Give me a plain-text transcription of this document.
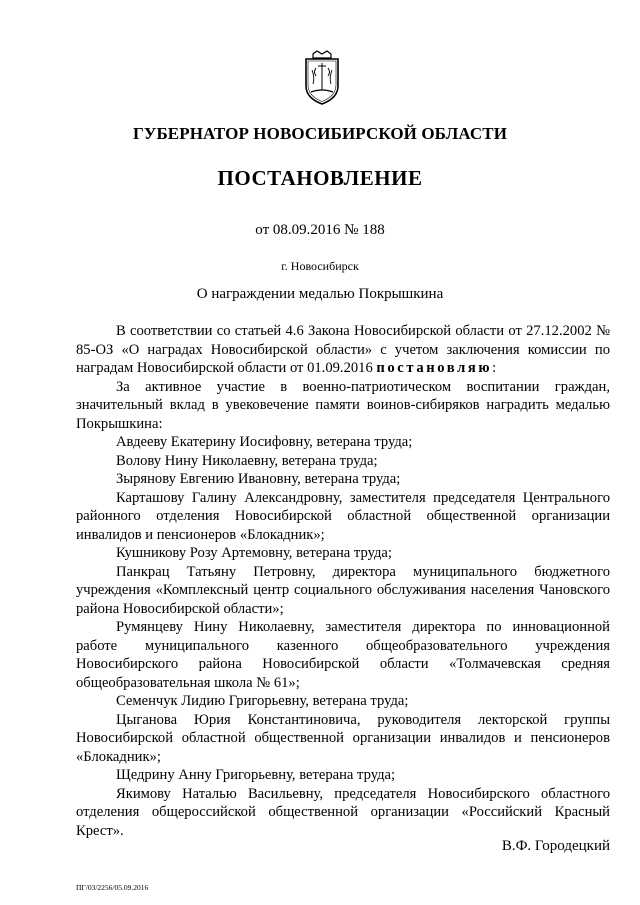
ГУБЕРНАТОР НОВОСИБИРСКОЙ ОБЛАСТИ
ПОСТАНОВЛЕНИЕ
от 08.09.2016 № 188
г. Новосибирск
О награждении медалью Покрышкина

В соответствии со статьей 4.6 Закона Новосибирской области от 27.12.2002 № 85-ОЗ «О наградах Новосибирской области» с учетом заключения комиссии по наградам Новосибирской области от 01.09.2016 постановляю:

За активное участие в военно-патриотическом воспитании граждан, значительный вклад в увековечение памяти воинов-сибиряков наградить медалью Покрышкина:

Авдееву Екатерину Иосифовну, ветерана труда;

Волову Нину Николаевну, ветерана труда;

Зырянову Евгению Ивановну, ветерана труда;

Карташову Галину Александровну, заместителя председателя Центрального районного отделения Новосибирской областной общественной организации инвалидов и пенсионеров «Блокадник»;

Кушникову Розу Артемовну, ветерана труда;

Панкрац Татьяну Петровну, директора муниципального бюджетного учреждения «Комплексный центр социального обслуживания населения Чановского района Новосибирской области»;

Румянцеву Нину Николаевну, заместителя директора по инновационной работе муниципального казенного общеобразовательного учреждения Новосибирского района Новосибирской области «Толмачевская средняя общеобразовательная школа № 61»;

Семенчук Лидию Григорьевну, ветерана труда;

Цыганова Юрия Константиновича, руководителя лекторской группы Новосибирской областной общественной организации инвалидов и пенсионеров «Блокадник»;

Щедрину Анну Григорьевну, ветерана труда;

Якимову Наталью Васильевну, председателя Новосибирского областного отделения общероссийской общественной организации «Российский Красный Крест».

В.Ф. Городецкий
ПГ/03/2256/05.09.2016
